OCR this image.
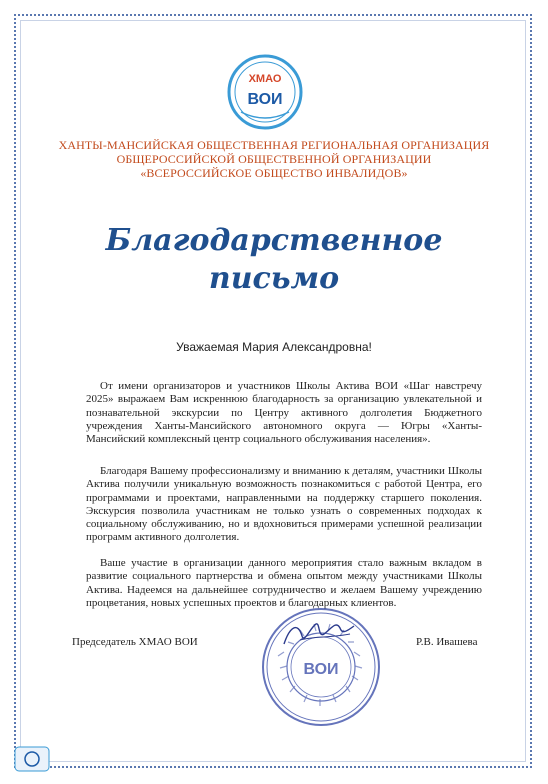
ХМАО
ВОИ
ХАНТЫ-МАНСИЙСКАЯ ОБЩЕСТВЕННАЯ РЕГИОНАЛЬНАЯ ОРГАНИЗАЦИЯ
ОБЩЕРОССИЙСКОЙ ОБЩЕСТВЕННОЙ ОРГАНИЗАЦИИ
«ВСЕРОССИЙСКОЕ ОБЩЕСТВО ИНВАЛИДОВ»
Благодарственное
письмо
Уважаемая Мария Александровна!
От имени организаторов и участников Школы Актива ВОИ «Шаг навстречу 2025» выражаем Вам искреннюю благодарность за организацию увлекательной и познавательной экскурсии по Центру активного долголетия Бюджетного учреждения Ханты-Мансийского автономного округа — Югры «Ханты-Мансийский комплексный центр социального обслуживания населения».
Благодаря Вашему профессионализму и вниманию к деталям, участники Школы Актива получили уникальную возможность познакомиться с работой Центра, его программами и проектами, направленными на поддержку старшего поколения. Экскурсия позволила участникам не только узнать о современных подходах к социальному обслуживанию, но и вдохновиться примерами успешной реализации программ активного долголетия.
Ваше участие в организации данного мероприятия стало важным вкладом в развитие социального партнерства и обмена опытом между участниками Школы Актива. Надеемся на дальнейшее сотрудничество и желаем Вашему учреждению процветания, новых успешных проектов и благодарных клиентов.
ВОИ
Председатель ХМАО ВОИ	Р.В. Ивашева
